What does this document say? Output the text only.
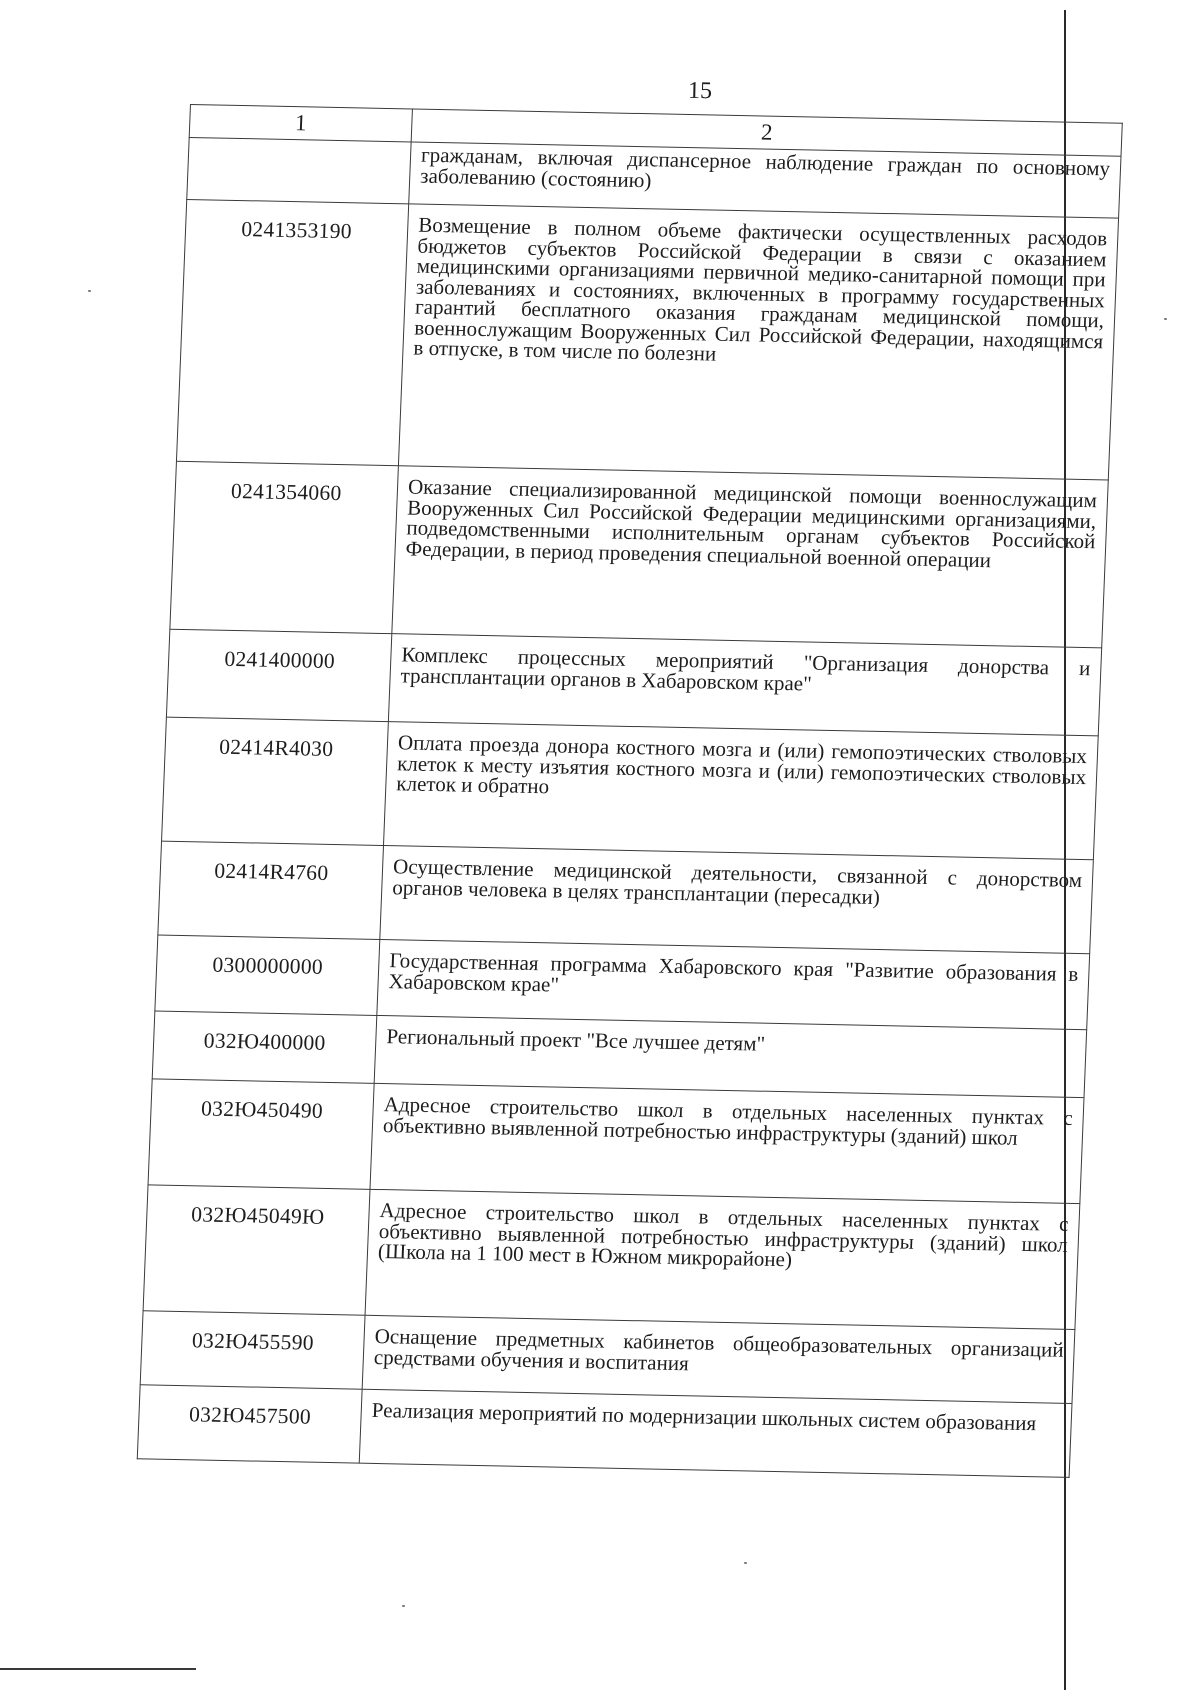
15
1	2
	гражданам, включая диспансерное наблюдение граждан по основному заболеванию (состоянию)
0241353190	Возмещение в полном объеме фактически осуществленных расходов бюджетов субъектов Российской Федерации в связи с оказанием медицинскими организациями первичной медико-санитарной помощи при заболеваниях и состояниях, включенных в программу государственных гарантий бесплатного оказания гражданам медицинской помощи, военнослужащим Вооруженных Сил Российской Федерации, находящимся в отпуске, в том числе по болезни
0241354060	Оказание специализированной медицинской помощи военнослужащим Вооруженных Сил Российской Федерации медицинскими организациями, подведомственными исполнительным органам субъектов Российской Федерации, в период проведения специальной военной операции
0241400000	Комплекс процессных мероприятий "Организация донорства и трансплантации органов в Хабаровском крае"
02414R4030	Оплата проезда донора костного мозга и (или) гемопоэтических стволовых клеток к месту изъятия костного мозга и (или) гемопоэтических стволовых клеток и обратно
02414R4760	Осуществление медицинской деятельности, связанной с донорством органов человека в целях трансплантации (пересадки)
0300000000	Государственная программа Хабаровского края "Развитие образования в Хабаровском крае"
032Ю400000	Региональный проект "Все лучшее детям"
032Ю450490	Адресное строительство школ в отдельных населенных пунктах с объективно выявленной потребностью инфраструктуры (зданий) школ
032Ю45049Ю	Адресное строительство школ в отдельных населенных пунктах с объективно выявленной потребностью инфраструктуры (зданий) школ (Школа на 1 100 мест в Южном микрорайоне)
032Ю455590	Оснащение предметных кабинетов общеобразовательных организаций средствами обучения и воспитания
032Ю457500	Реализация мероприятий по модернизации школьных систем образования
